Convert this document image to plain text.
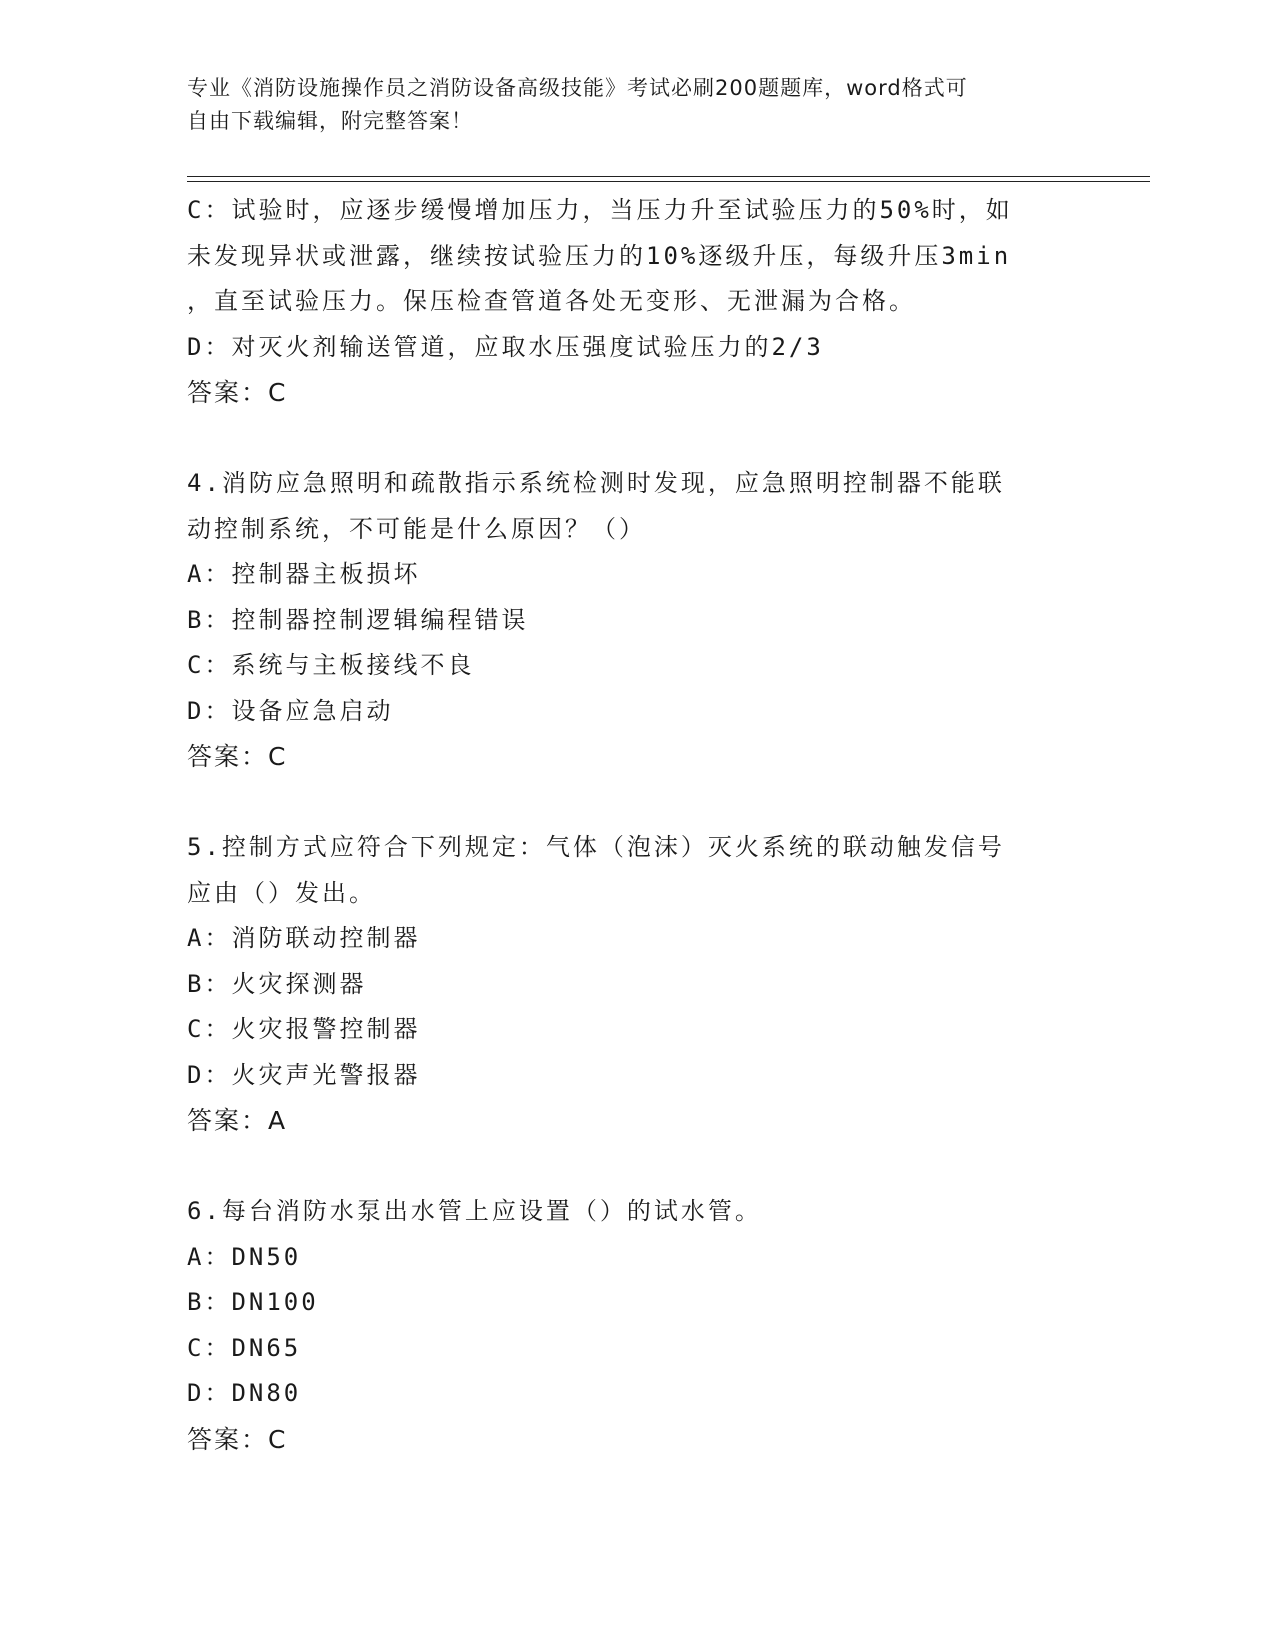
专业《消防设施操作员之消防设备高级技能》考试必刷200题题库，word格式可
自由下载编辑，附完整答案！
C：试验时，应逐步缓慢增加压力，当压力升至试验压力的50%时，如
未发现异状或泄露，继续按试验压力的10%逐级升压，每级升压3min
，直至试验压力。保压检查管道各处无变形、无泄漏为合格。
D：对灭火剂输送管道，应取水压强度试验压力的2/3
答案：C
4.消防应急照明和疏散指示系统检测时发现，应急照明控制器不能联
动控制系统，不可能是什么原因？（）
A：控制器主板损坏
B：控制器控制逻辑编程错误
C：系统与主板接线不良
D：设备应急启动
答案：C
5.控制方式应符合下列规定：气体（泡沫）灭火系统的联动触发信号
应由（）发出。
A：消防联动控制器
B：火灾探测器
C：火灾报警控制器
D：火灾声光警报器
答案：A
6.每台消防水泵出水管上应设置（）的试水管。
A：DN50
B：DN100
C：DN65
D：DN80
答案：C
